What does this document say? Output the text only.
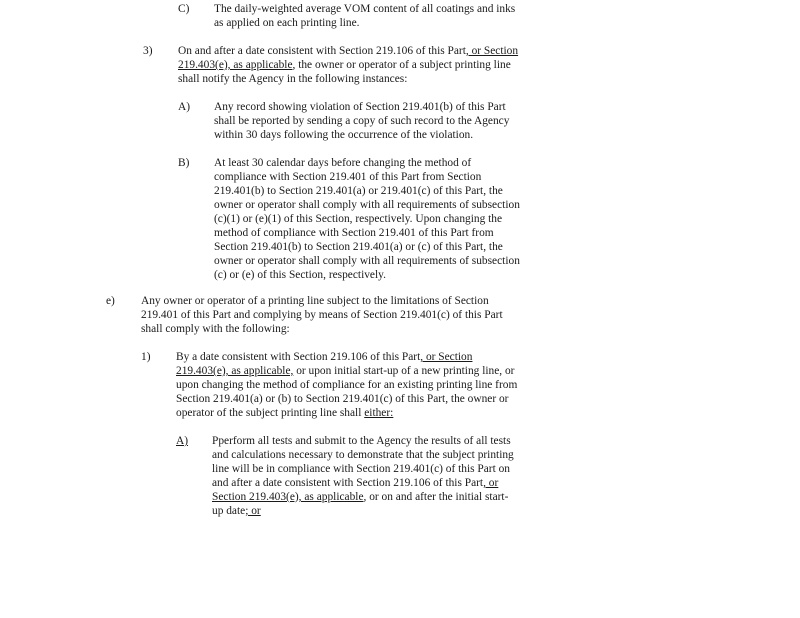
C) The daily-weighted average VOM content of all coatings and inks
as applied on each printing line.
3) On and after a date consistent with Section 219.106 of this Part, or Section
219.403(e), as applicable, the owner or operator of a subject printing line
shall notify the Agency in the following instances:
A) Any record showing violation of Section 219.401(b) of this Part
shall be reported by sending a copy of such record to the Agency
within 30 days following the occurrence of the violation.
B) At least 30 calendar days before changing the method of
compliance with Section 219.401 of this Part from Section
219.401(b) to Section 219.401(a) or 219.401(c) of this Part, the
owner or operator shall comply with all requirements of subsection
(c)(1) or (e)(1) of this Section, respectively. Upon changing the
method of compliance with Section 219.401 of this Part from
Section 219.401(b) to Section 219.401(a) or (c) of this Part, the
owner or operator shall comply with all requirements of subsection
(c) or (e) of this Section, respectively.
e) Any owner or operator of a printing line subject to the limitations of Section
219.401 of this Part and complying by means of Section 219.401(c) of this Part
shall comply with the following:
1) By a date consistent with Section 219.106 of this Part, or Section
219.403(e), as applicable, or upon initial start-up of a new printing line, or
upon changing the method of compliance for an existing printing line from
Section 219.401(a) or (b) to Section 219.401(c) of this Part, the owner or
operator of the subject printing line shall either:
A) Pperform all tests and submit to the Agency the results of all tests
and calculations necessary to demonstrate that the subject printing
line will be in compliance with Section 219.401(c) of this Part on
and after a date consistent with Section 219.106 of this Part, or
Section 219.403(e), as applicable, or on and after the initial start-
up date; or
